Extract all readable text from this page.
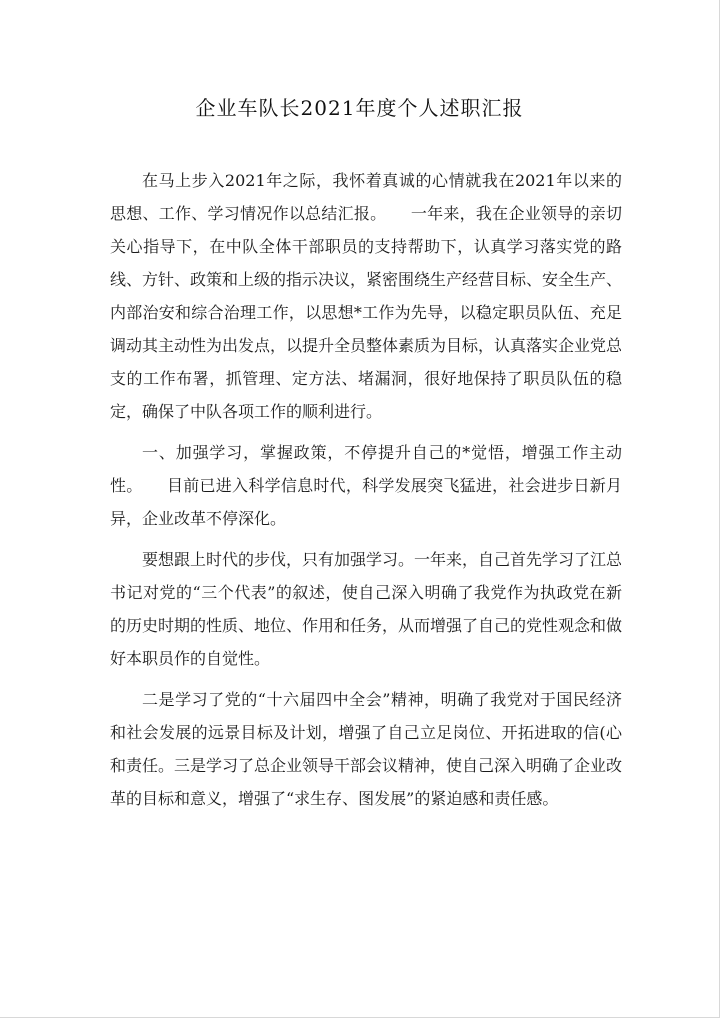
企业车队长2021年度个人述职汇报

在马上步入2021年之际，我怀着真诚的心情就我在2021年以来的思想、工作、学习情况作以总结汇报。　　一年来，我在企业领导的亲切关心指导下，在中队全体干部职员的支持帮助下，认真学习落实党的路线、方针、政策和上级的指示决议，紧密围绕生产经营目标、安全生产、内部治安和综合治理工作，以思想*工作为先导，以稳定职员队伍、充足调动其主动性为出发点，以提升全员整体素质为目标，认真落实企业党总支的工作布署，抓管理、定方法、堵漏洞，很好地保持了职员队伍的稳定，确保了中队各项工作的顺利进行。

一、加强学习，掌握政策，不停提升自己的*觉悟，增强工作主动性。　　目前已进入科学信息时代，科学发展突飞猛进，社会进步日新月异，企业改革不停深化。

要想跟上时代的步伐，只有加强学习。一年来，自己首先学习了江总书记对党的“三个代表”的叙述，使自己深入明确了我党作为执政党在新的历史时期的性质、地位、作用和任务，从而增强了自己的党性观念和做好本职员作的自觉性。

二是学习了党的“十六届四中全会”精神，明确了我党对于国民经济和社会发展的远景目标及计划，增强了自己立足岗位、开拓进取的信(心和责任。三是学习了总企业领导干部会议精神，使自己深入明确了企业改革的目标和意义，增强了“求生存、图发展”的紧迫感和责任感。
